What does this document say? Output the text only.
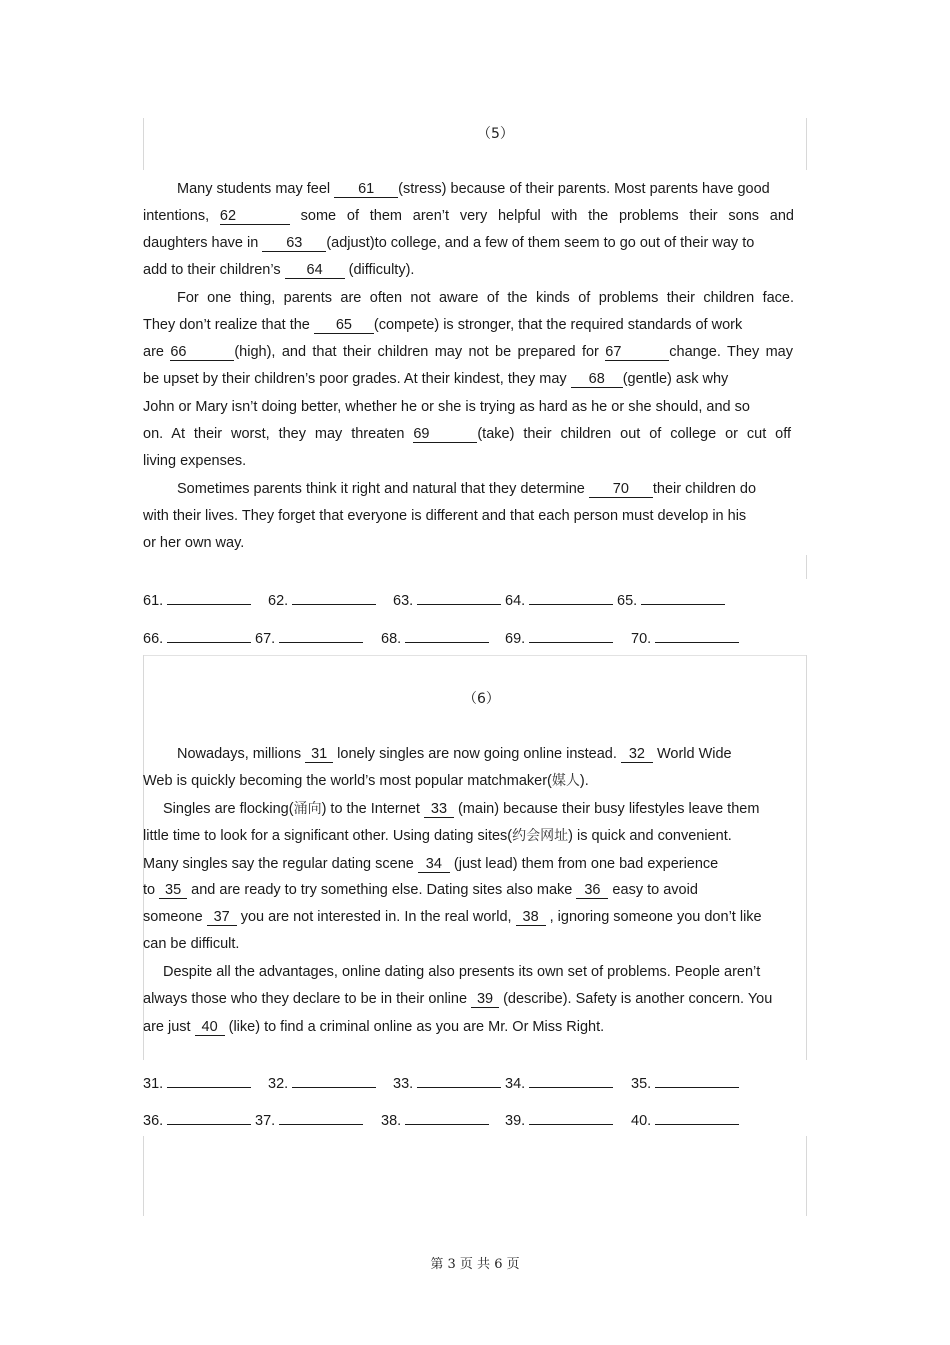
（5）
Many students may feel 61 (stress) because of their parents. Most parents have good
intentions, 62	some of them aren’t very helpful with the problems their sons and
daughters have in 63 (adjust)to college, and a few of them seem to go out of their way to
add to their children’s 64 (difficulty).
For one thing, parents are often not aware of the kinds of problems their children face.
They don’t realize that the 65 (compete) is stronger, that the required standards of work
are 66	(high), and that their children may not be prepared for 67	change. They may
be upset by their children’s poor grades. At their kindest, they may 68 (gentle) ask why
John or Mary isn’t doing better, whether he or she is trying as hard as he or she should, and so
on. At their worst, they may threaten 69	(take) their children out of college or cut off
living expenses.
Sometimes parents think it right and natural that they determine 70 their children do
with their lives. They forget that everyone is different and that each person must develop in his
or her own way.
61.	62.	63.	64.	65.
66.	67.	68.	69.	70.
（6）
Nowadays, millions 31 lonely singles are now going online instead. 32 World Wide
Web is quickly becoming the world’s most popular matchmaker(媒人).
Singles are flocking(涌向) to the Internet 33 (main) because their busy lifestyles leave them
little time to look for a significant other. Using dating sites(约会网址) is quick and convenient.
Many singles say the regular dating scene 34 (just lead) them from one bad experience
to 35 and are ready to try something else. Dating sites also make 36 easy to avoid
someone 37 you are not interested in. In the real world, 38 , ignoring someone you don’t like
can be difficult.
Despite all the advantages, online dating also presents its own set of problems. People aren’t
always those who they declare to be in their online 39 (describe). Safety is another concern. You
are just 40 (like) to find a criminal online as you are Mr. Or Miss Right.
31.	32.	33.	34.	35.
36.	37.	38.	39.	40.
第 3 页 共 6 页
